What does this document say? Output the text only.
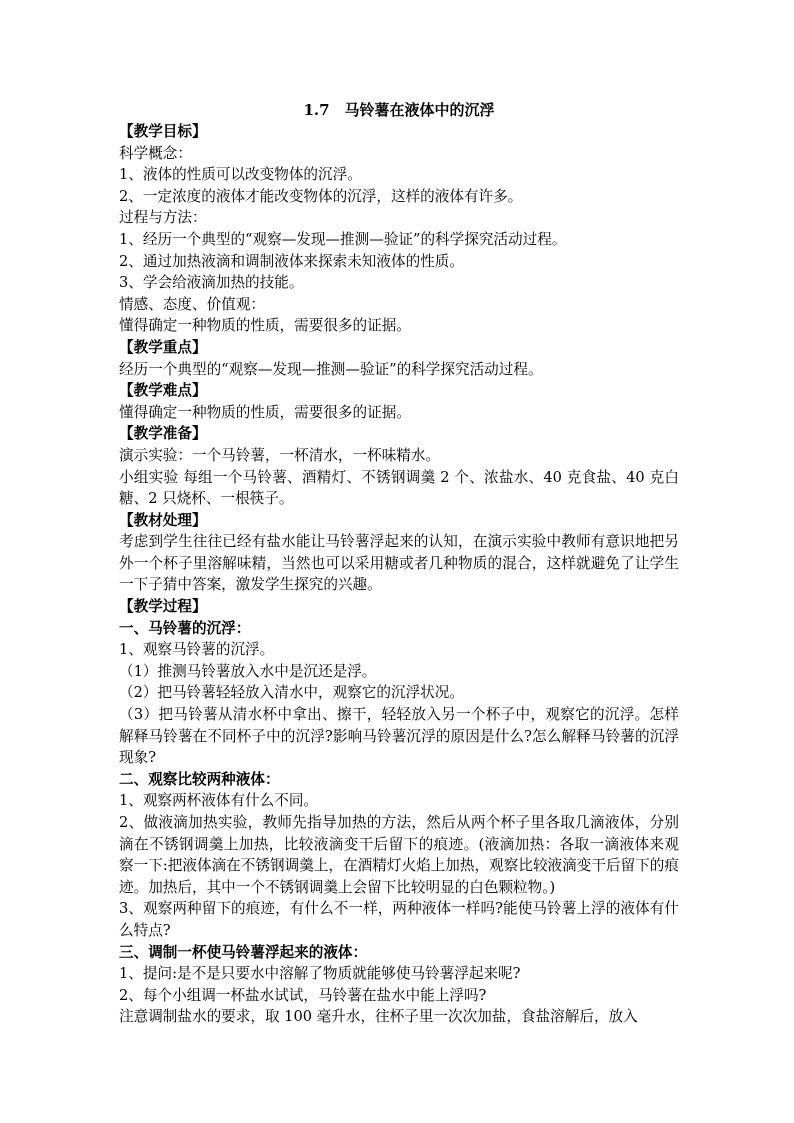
1.7　马铃薯在液体中的沉浮
【教学目标】
科学概念：
1、液体的性质可以改变物体的沉浮。
2、一定浓度的液体才能改变物体的沉浮，这样的液体有许多。
过程与方法：
1、经历一个典型的“观察—发现—推测—验证”的科学探究活动过程。
2、通过加热液滴和调制液体来探索未知液体的性质。
3、学会给液滴加热的技能。
情感、态度、价值观：
懂得确定一种物质的性质，需要很多的证据。
【教学重点】
经历一个典型的“观察—发现—推测—验证”的科学探究活动过程。
【教学难点】
懂得确定一种物质的性质，需要很多的证据。
【教学准备】
演示实验：一个马铃薯，一杯清水，一杯味精水。
小组实验 每组一个马铃薯、酒精灯、不锈钢调羹 2 个、浓盐水、40 克食盐、40 克白糖、2 只烧杯、一根筷子。
【教材处理】
考虑到学生往往已经有盐水能让马铃薯浮起来的认知，在演示实验中教师有意识地把另外一个杯子里溶解味精，当然也可以采用糖或者几种物质的混合，这样就避免了让学生一下子猜中答案，激发学生探究的兴趣。
【教学过程】
一、马铃薯的沉浮：
1、观察马铃薯的沉浮。
（1）推测马铃薯放入水中是沉还是浮。
（2）把马铃薯轻轻放入清水中，观察它的沉浮状况。
（3）把马铃薯从清水杯中拿出、擦干，轻轻放入另一个杯子中，观察它的沉浮。怎样解释马铃薯在不同杯子中的沉浮?影响马铃薯沉浮的原因是什么?怎么解释马铃薯的沉浮现象?
二、观察比较两种液体：
1、观察两杯液体有什么不同。
2、做液滴加热实验，教师先指导加热的方法，然后从两个杯子里各取几滴液体，分别滴在不锈钢调羹上加热，比较液滴变干后留下的痕迹。(液滴加热：各取一滴液体来观察一下:把液体滴在不锈钢调羹上，在酒精灯火焰上加热，观察比较液滴变干后留下的痕迹。加热后，其中一个不锈钢调羹上会留下比较明显的白色颗粒物。)
3、观察两种留下的痕迹，有什么不一样，两种液体一样吗?能使马铃薯上浮的液体有什么特点?
三、调制一杯使马铃薯浮起来的液体：
1、提问:是不是只要水中溶解了物质就能够使马铃薯浮起来呢?
2、每个小组调一杯盐水试试，马铃薯在盐水中能上浮吗?
注意调制盐水的要求，取 100 毫升水，往杯子里一次次加盐，食盐溶解后，放入
